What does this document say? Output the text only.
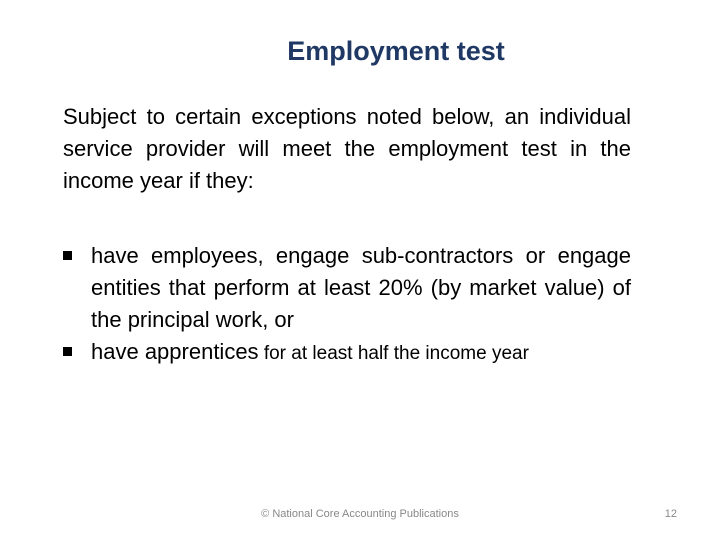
Employment test

Subject to certain exceptions noted below, an individual service provider will meet the employment test in the income year if they:

have employees, engage sub-contractors or engage entities that perform at least 20% (by market value) of the principal work, or
have apprentices for at least half the income year
© National Core Accounting Publications	12
